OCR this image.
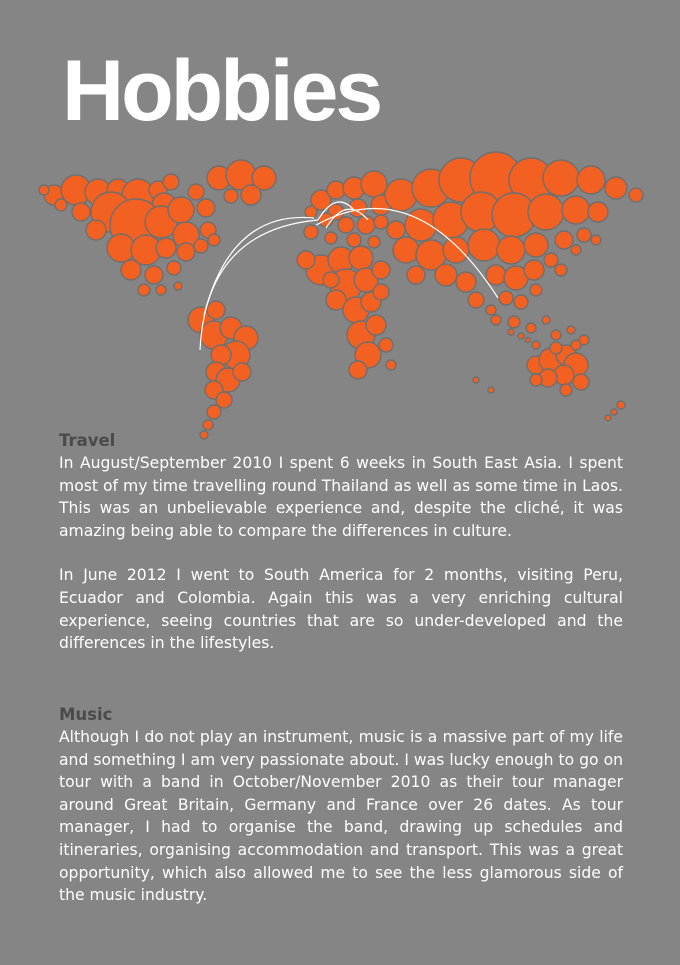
Hobbies
Travel

In August/September 2010 I spent 6 weeks in South East Asia. I spent most of my time travelling round Thailand as well as some time in Laos. This was an unbelievable experience and, despite the cliché, it was amazing being able to compare the differences in culture.

In June 2012 I went to South America for 2 months, visiting Peru, Ecuador and Colombia. Again this was a very enriching cultural experience, seeing countries that are so under-developed and the differences in the lifestyles.

Music

Although I do not play an instrument, music is a massive part of my life and something I am very passionate about. I was lucky enough to go on tour with a band in October/November 2010 as their tour manager around Great Britain, Germany and France over 26 dates. As tour manager, I had to organise the band, drawing up schedules and itineraries, organising accommodation and transport. This was a great opportunity, which also allowed me to see the less glamorous side of the music industry.
